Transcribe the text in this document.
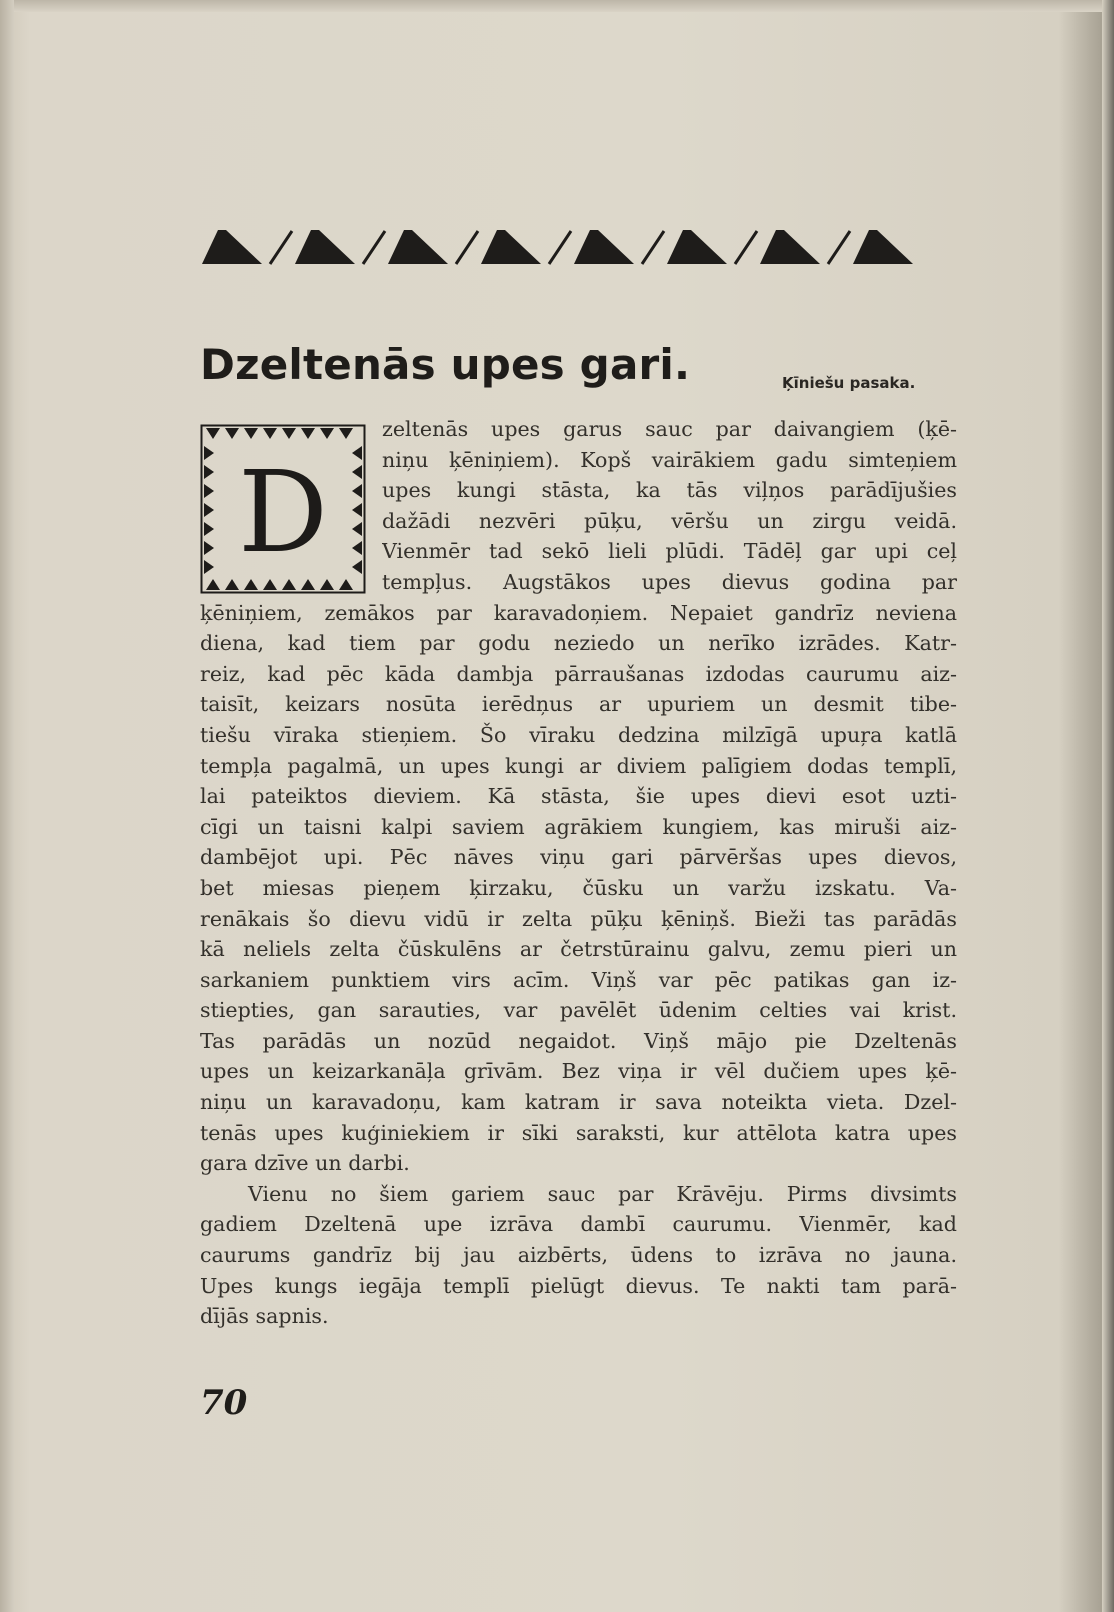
Dzeltenās upes gari.	Ķīniešu pasaka.
D
zeltenās upes garus sauc par daivangiem (ķē-
niņu ķēniņiem). Kopš vairākiem gadu simteņiem
upes kungi stāsta, ka tās viļņos parādījušies
dažādi nezvēri pūķu, vēršu un zirgu veidā.
Vienmēr tad sekō lieli plūdi. Tādēļ gar upi ceļ
tempļus. Augstākos upes dievus godina par
ķēniņiem, zemākos par karavadoņiem. Nepaiet gandrīz neviena
diena, kad tiem par godu neziedo un nerīko izrādes. Katr-
reiz, kad pēc kāda dambja pārraušanas izdodas caurumu aiz-
taisīt, keizars nosūta ierēdņus ar upuriem un desmit tibe-
tiešu vīraka stieņiem. Šo vīraku dedzina milzīgā upuŗa katlā
tempļa pagalmā, un upes kungi ar diviem palīgiem dodas templī,
lai pateiktos dieviem. Kā stāsta, šie upes dievi esot uzti-
cīgi un taisni kalpi saviem agrākiem kungiem, kas miruši aiz-
dambējot upi. Pēc nāves viņu gari pārvēršas upes dievos,
bet miesas pieņem ķirzaku, čūsku un varžu izskatu. Va-
renākais šo dievu vidū ir zelta pūķu ķēniņš. Bieži tas parādās
kā neliels zelta čūskulēns ar četrstūrainu galvu, zemu pieri un
sarkaniem punktiem virs acīm. Viņš var pēc patikas gan iz-
stiepties, gan sarauties, var pavēlēt ūdenim celties vai krist.
Tas parādās un nozūd negaidot. Viņš mājo pie Dzeltenās
upes un keizarkanāļa grīvām. Bez viņa ir vēl dučiem upes ķē-
niņu un karavadoņu, kam katram ir sava noteikta vieta. Dzel-
tenās upes kuģiniekiem ir sīki saraksti, kur attēlota katra upes
gara dzīve un darbi.
Vienu no šiem gariem sauc par Krāvēju. Pirms divsimts
gadiem Dzeltenā upe izrāva dambī caurumu. Vienmēr, kad
caurums gandrīz bij jau aizbērts, ūdens to izrāva no jauna.
Upes kungs iegāja templī pielūgt dievus. Te nakti tam parā-
dījās sapnis.
70
